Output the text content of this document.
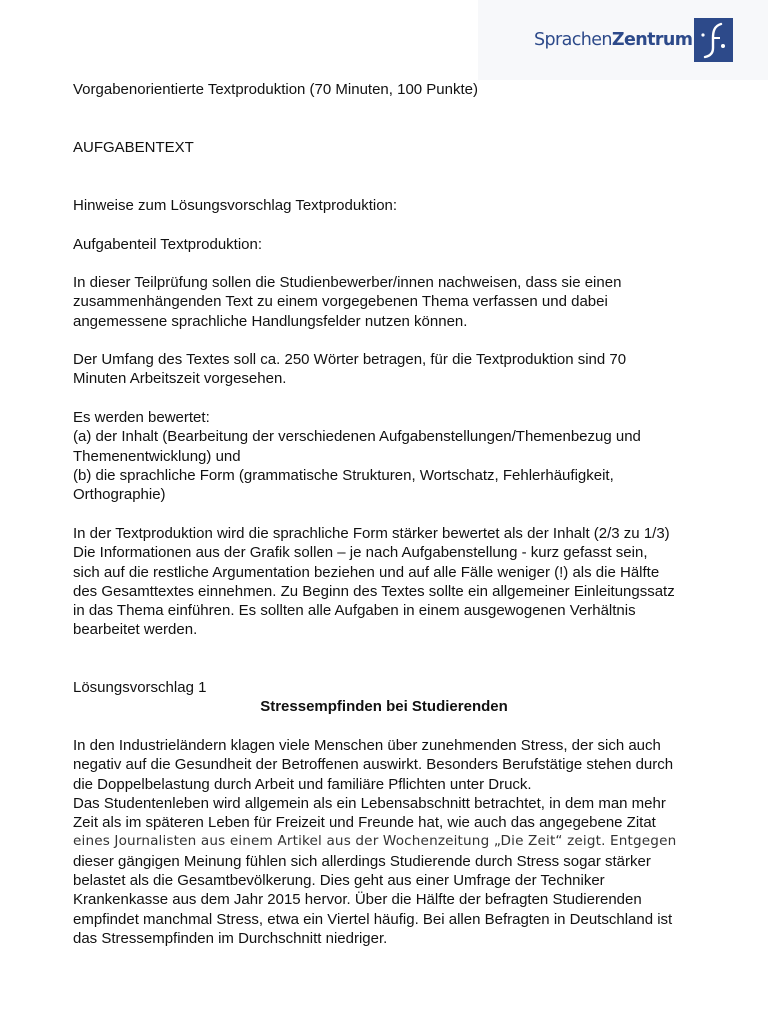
SprachenZentrum

Vorgabenorientierte Textproduktion (70 Minuten, 100 Punkte)

AUFGABENTEXT

Hinweise zum Lösungsvorschlag Textproduktion:

Aufgabenteil Textproduktion:

In dieser Teilprüfung sollen die Studienbewerber/innen nachweisen, dass sie einen
zusammenhängenden Text zu einem vorgegebenen Thema verfassen und dabei
angemessene sprachliche Handlungsfelder nutzen können.
Der Umfang des Textes soll ca. 250 Wörter betragen, für die Textproduktion sind 70
Minuten Arbeitszeit vorgesehen.
Es werden bewertet:
(a) der Inhalt (Bearbeitung der verschiedenen Aufgabenstellungen/Themenbezug und
Themenentwicklung) und
(b) die sprachliche Form (grammatische Strukturen, Wortschatz, Fehlerhäufigkeit,
Orthographie)
In der Textproduktion wird die sprachliche Form stärker bewertet als der Inhalt (2/3 zu 1/3)
Die Informationen aus der Grafik sollen – je nach Aufgabenstellung - kurz gefasst sein,
sich auf die restliche Argumentation beziehen und auf alle Fälle weniger (!) als die Hälfte
des Gesamttextes einnehmen. Zu Beginn des Textes sollte ein allgemeiner Einleitungssatz
in das Thema einführen. Es sollten alle Aufgaben in einem ausgewogenen Verhältnis
bearbeitet werden.

Lösungsvorschlag 1

Stressempfinden bei Studierenden

In den Industrieländern klagen viele Menschen über zunehmenden Stress, der sich auch
negativ auf die Gesundheit der Betroffenen auswirkt. Besonders Berufstätige stehen durch
die Doppelbelastung durch Arbeit und familiäre Pflichten unter Druck.
Das Studentenleben wird allgemein als ein Lebensabschnitt betrachtet, in dem man mehr
Zeit als im späteren Leben für Freizeit und Freunde hat, wie auch das angegebene Zitat
eines Journalisten aus einem Artikel aus der Wochenzeitung „Die Zeit“ zeigt. Entgegen
dieser gängigen Meinung fühlen sich allerdings Studierende durch Stress sogar stärker
belastet als die Gesamtbevölkerung. Dies geht aus einer Umfrage der Techniker
Krankenkasse aus dem Jahr 2015 hervor. Über die Hälfte der befragten Studierenden
empfindet manchmal Stress, etwa ein Viertel häufig. Bei allen Befragten in Deutschland ist
das Stressempfinden im Durchschnitt niedriger.
